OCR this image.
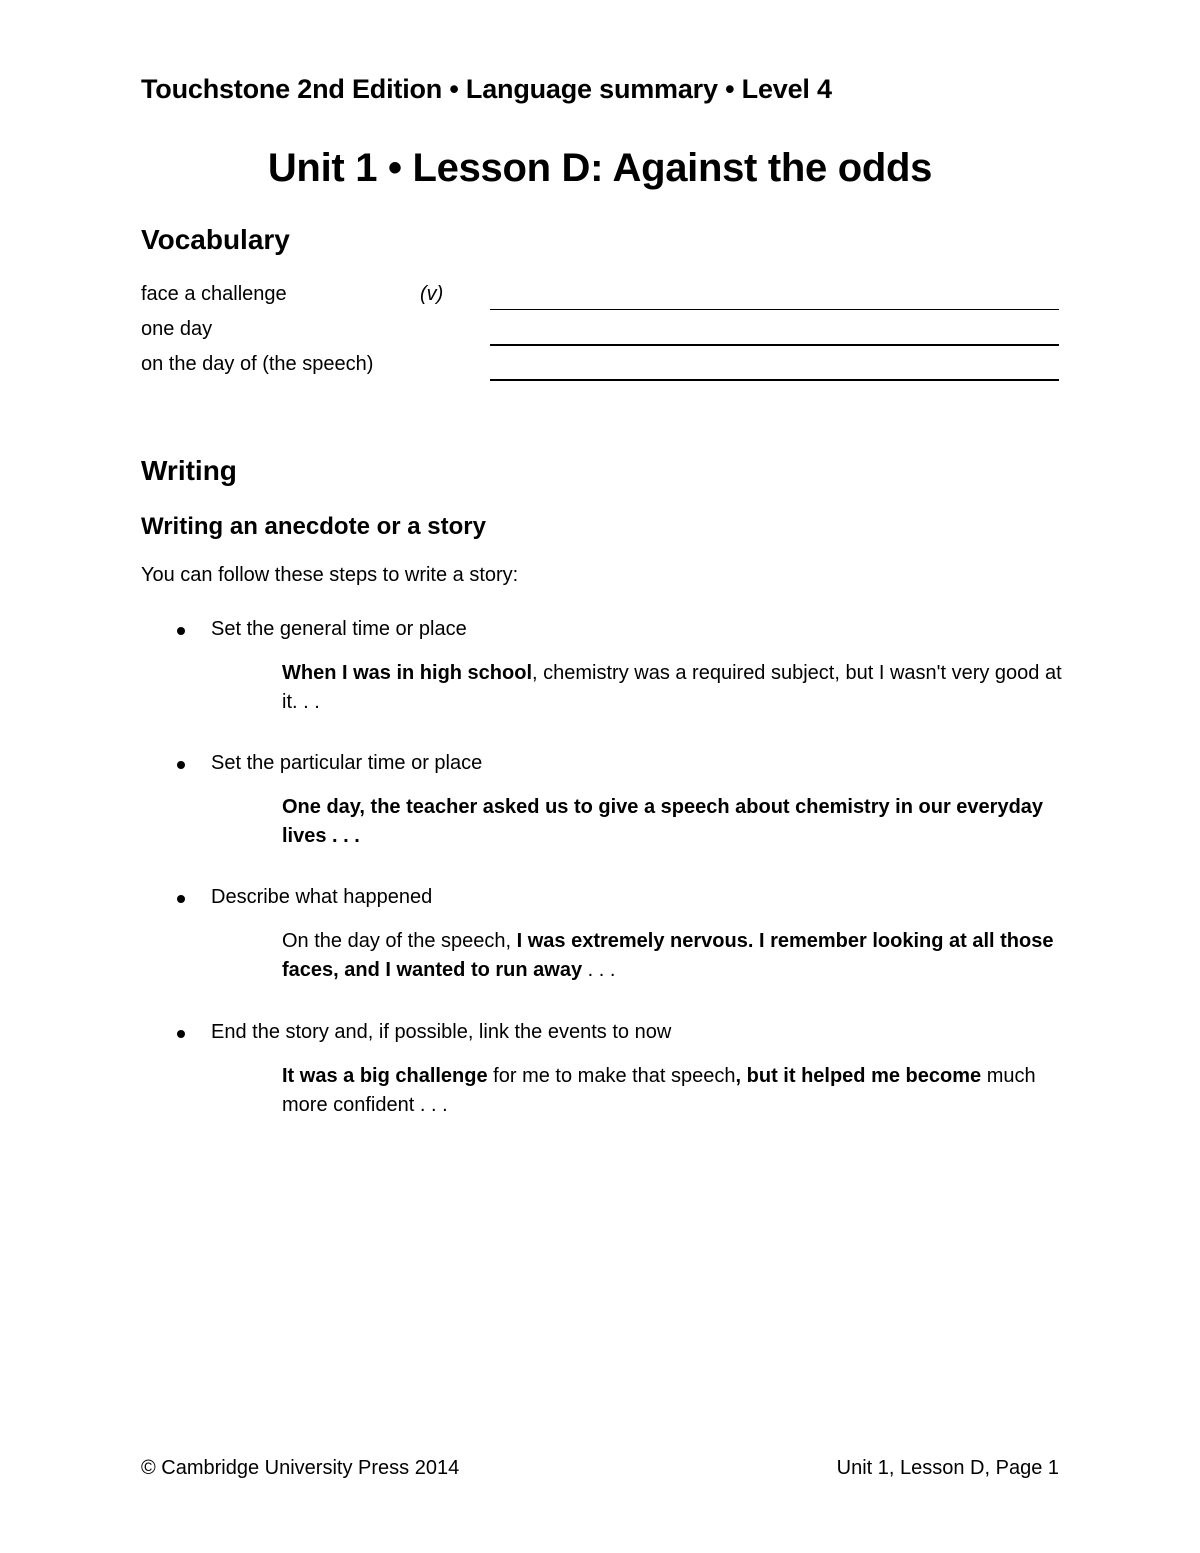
Touchstone 2nd Edition • Language summary • Level 4
Unit 1 • Lesson D: Against the odds
Vocabulary
face a challenge	(v)
one day
on the day of (the speech)
Writing
Writing an anecdote or a story
You can follow these steps to write a story:
Set the general time or place
When I was in high school, chemistry was a required subject, but I wasn't very good at it. . .
Set the particular time or place
One day, the teacher asked us to give a speech about chemistry in our everyday lives . . .
Describe what happened
On the day of the speech, I was extremely nervous. I remember looking at all those faces, and I wanted to run away . . .
End the story and, if possible, link the events to now
It was a big challenge for me to make that speech, but it helped me become much more confident . . .
© Cambridge University Press 2014	Unit 1, Lesson D, Page 1
